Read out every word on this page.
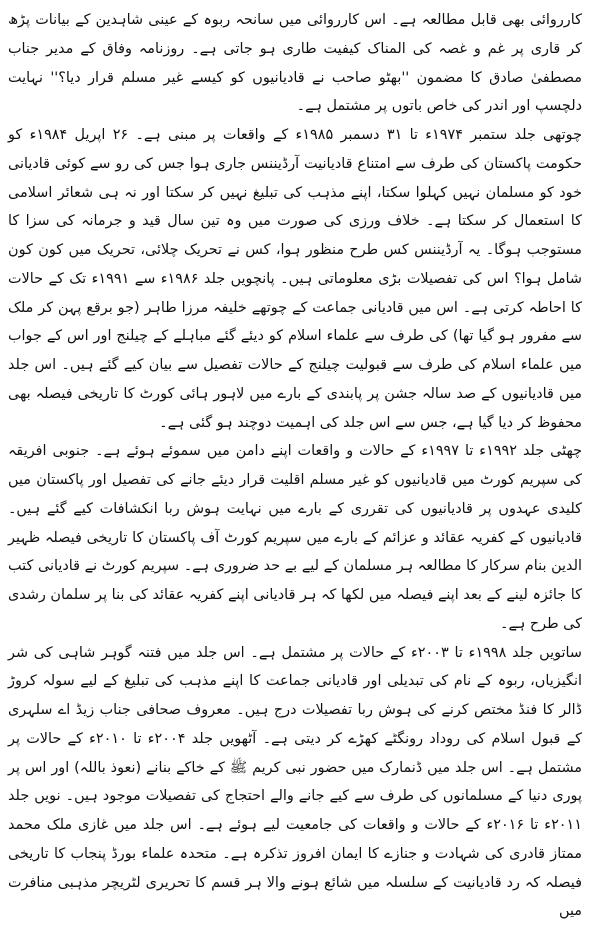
کارروائی بھی قابل مطالعہ ہے۔ اس کارروائی میں سانحہ ربوہ کے عینی شاہدین کے بیانات پڑھ کر قاری پر غم و غصہ کی المناک کیفیت طاری ہو جاتی ہے۔ روزنامہ وفاق کے مدیر جناب مصطفیٰ صادق کا مضمون ''بھٹو صاحب نے قادیانیوں کو کیسے غیر مسلم قرار دیا؟'' نہایت دلچسپ اور اندر کی خاص باتوں پر مشتمل ہے۔

چوتھی جلد ستمبر ۱۹۷۴ء تا ۳۱ دسمبر ۱۹۸۵ء کے واقعات پر مبنی ہے۔ ۲۶ اپریل ۱۹۸۴ء کو حکومت پاکستان کی طرف سے امتناع قادیانیت آرڈیننس جاری ہوا جس کی رو سے کوئی قادیانی خود کو مسلمان نہیں کہلوا سکتا، اپنے مذہب کی تبلیغ نہیں کر سکتا اور نہ ہی شعائر اسلامی کا استعمال کر سکتا ہے۔ خلاف ورزی کی صورت میں وہ تین سال قید و جرمانہ کی سزا کا مستوجب ہوگا۔ یہ آرڈیننس کس طرح منظور ہوا، کس نے تحریک چلائی، تحریک میں کون کون شامل ہوا؟ اس کی تفصیلات بڑی معلوماتی ہیں۔ پانچویں جلد ۱۹۸۶ء سے ۱۹۹۱ء تک کے حالات کا احاطہ کرتی ہے۔ اس میں قادیانی جماعت کے چوتھے خلیفہ مرزا طاہر (جو برقع پہن کر ملک سے مفرور ہو گیا تھا) کی طرف سے علماء اسلام کو دیئے گئے مباہلے کے چیلنج اور اس کے جواب میں علماء اسلام کی طرف سے قبولیت چیلنج کے حالات تفصیل سے بیان کیے گئے ہیں۔ اس جلد میں قادیانیوں کے صد سالہ جشن پر پابندی کے بارے میں لاہور ہائی کورٹ کا تاریخی فیصلہ بھی محفوظ کر دیا گیا ہے، جس سے اس جلد کی اہمیت دوچند ہو گئی ہے۔

چھٹی جلد ۱۹۹۲ء تا ۱۹۹۷ء کے حالات و واقعات اپنے دامن میں سموئے ہوئے ہے۔ جنوبی افریقہ کی سپریم کورٹ میں قادیانیوں کو غیر مسلم اقلیت قرار دیئے جانے کی تفصیل اور پاکستان میں کلیدی عہدوں پر قادیانیوں کی تقرری کے بارے میں نہایت ہوش ربا انکشافات کیے گئے ہیں۔ قادیانیوں کے کفریہ عقائد و عزائم کے بارے میں سپریم کورٹ آف پاکستان کا تاریخی فیصلہ ظہیر الدین بنام سرکار کا مطالعہ ہر مسلمان کے لیے بے حد ضروری ہے۔ سپریم کورٹ نے قادیانی کتب کا جائزہ لینے کے بعد اپنے فیصلہ میں لکھا کہ ہر قادیانی اپنے کفریہ عقائد کی بنا پر سلمان رشدی کی طرح ہے۔

ساتویں جلد ۱۹۹۸ء تا ۲۰۰۳ء کے حالات پر مشتمل ہے۔ اس جلد میں فتنہ گوہر شاہی کی شر انگیزیاں، ربوہ کے نام کی تبدیلی اور قادیانی جماعت کا اپنے مذہب کی تبلیغ کے لیے سولہ کروڑ ڈالر کا فنڈ مختص کرنے کی ہوش ربا تفصیلات درج ہیں۔ معروف صحافی جناب زیڈ اے سلہری کے قبول اسلام کی روداد رونگٹے کھڑے کر دیتی ہے۔ آٹھویں جلد ۲۰۰۴ء تا ۲۰۱۰ء کے حالات پر مشتمل ہے۔ اس جلد میں ڈنمارک میں حضور نبی کریم ﷺ کے خاکے بنانے (نعوذ باللہ) اور اس پر پوری دنیا کے مسلمانوں کی طرف سے کیے جانے والے احتجاج کی تفصیلات موجود ہیں۔ نویں جلد ۲۰۱۱ء تا ۲۰۱۶ء کے حالات و واقعات کی جامعیت لیے ہوئے ہے۔ اس جلد میں غازی ملک محمد ممتاز قادری کی شہادت و جنازے کا ایمان افروز تذکرہ ہے۔ متحدہ علماء بورڈ پنجاب کا تاریخی فیصلہ کہ رد قادیانیت کے سلسلہ میں شائع ہونے والا ہر قسم کا تحریری لٹریچر مذہبی منافرت میں
